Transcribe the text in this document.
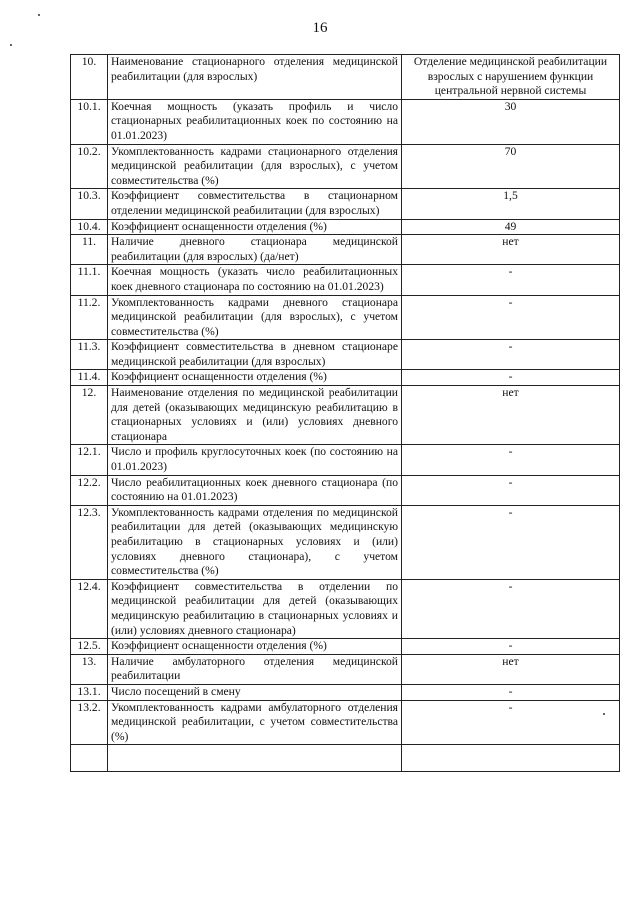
16
10.	Наименование стационарного отделения медицинской реабилитации (для взрослых)	Отделение медицинской реабилитации взрослых с нарушением функции центральной нервной системы
10.1.	Коечная мощность (указать профиль и число стационарных реабилитационных коек по состоянию на 01.01.2023)	30
10.2.	Укомплектованность кадрами стационарного отделения медицинской реабилитации (для взрослых), с учетом совместительства (%)	70
10.3.	Коэффициент совместительства в стационарном отделении медицинской реабилитации (для взрослых)	1,5
10.4.	Коэффициент оснащенности отделения (%)	49
11.	Наличие дневного стационара медицинской реабилитации (для взрослых) (да/нет)	нет
11.1.	Коечная мощность (указать число реабилитационных коек дневного стационара по состоянию на 01.01.2023)	-
11.2.	Укомплектованность кадрами дневного стационара медицинской реабилитации (для взрослых), с учетом совместительства (%)	-
11.3.	Коэффициент совместительства в дневном стационаре медицинской реабилитации (для взрослых)	-
11.4.	Коэффициент оснащенности отделения (%)	-
12.	Наименование отделения по медицинской реабилитации для детей (оказывающих медицинскую реабилитацию в стационарных условиях и (или) условиях дневного стационара	нет
12.1.	Число и профиль круглосуточных коек (по состоянию на 01.01.2023)	-
12.2.	Число реабилитационных коек дневного стационара (по состоянию на 01.01.2023)	-
12.3.	Укомплектованность кадрами отделения по медицинской реабилитации для детей (оказывающих медицинскую реабилитацию в стационарных условиях и (или) условиях дневного стационара), с учетом совместительства (%)	-
12.4.	Коэффициент совместительства в отделении по медицинской реабилитации для детей (оказывающих медицинскую реабилитацию в стационарных условиях и (или) условиях дневного стационара)	-
12.5.	Коэффициент оснащенности отделения (%)	-
13.	Наличие амбулаторного отделения медицинской реабилитации	нет
13.1.	Число посещений в смену	-
13.2.	Укомплектованность кадрами амбулаторного отделения медицинской реабилитации, с учетом совместительства (%)	-
